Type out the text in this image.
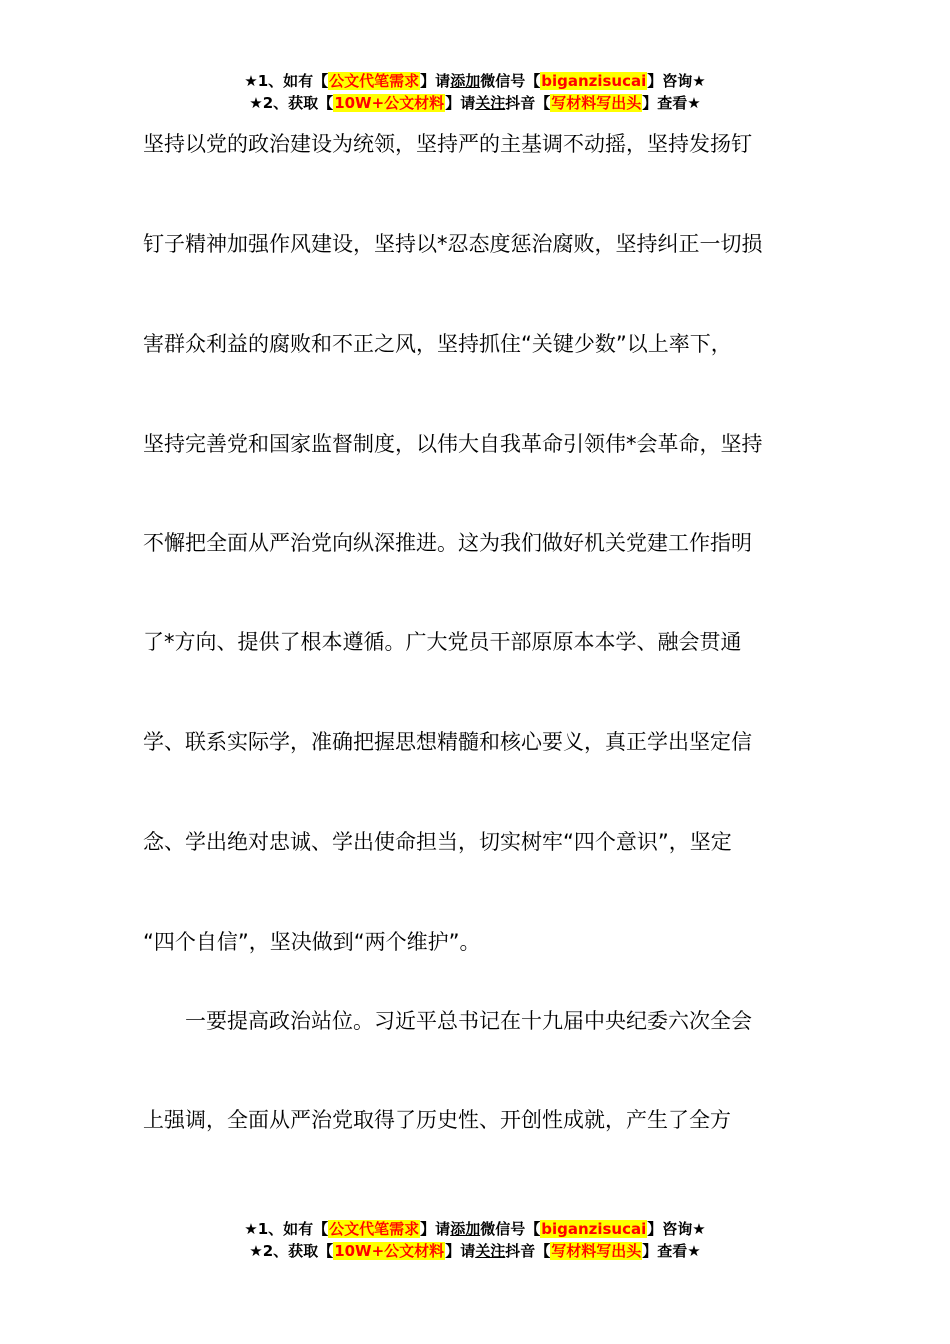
★1、如有【公文代笔需求】请添加微信号【biganzisucai】咨询★
★2、获取【10W+公文材料】请关注抖音【写材料写出头】查看★
坚持以党的政治建设为统领，坚持严的主基调不动摇，坚持发扬钉
钉子精神加强作风建设，坚持以*忍态度惩治腐败，坚持纠正一切损
害群众利益的腐败和不正之风，坚持抓住“关键少数”以上率下，
坚持完善党和国家监督制度，以伟大自我革命引领伟*会革命，坚持
不懈把全面从严治党向纵深推进。这为我们做好机关党建工作指明
了*方向、提供了根本遵循。广大党员干部原原本本学、融会贯通
学、联系实际学，准确把握思想精髓和核心要义，真正学出坚定信
念、学出绝对忠诚、学出使命担当，切实树牢“四个意识”，坚定
“四个自信”，坚决做到“两个维护”。
　　一要提高政治站位。习近平总书记在十九届中央纪委六次全会
上强调，全面从严治党取得了历史性、开创性成就，产生了全方
★1、如有【公文代笔需求】请添加微信号【biganzisucai】咨询★
★2、获取【10W+公文材料】请关注抖音【写材料写出头】查看★
